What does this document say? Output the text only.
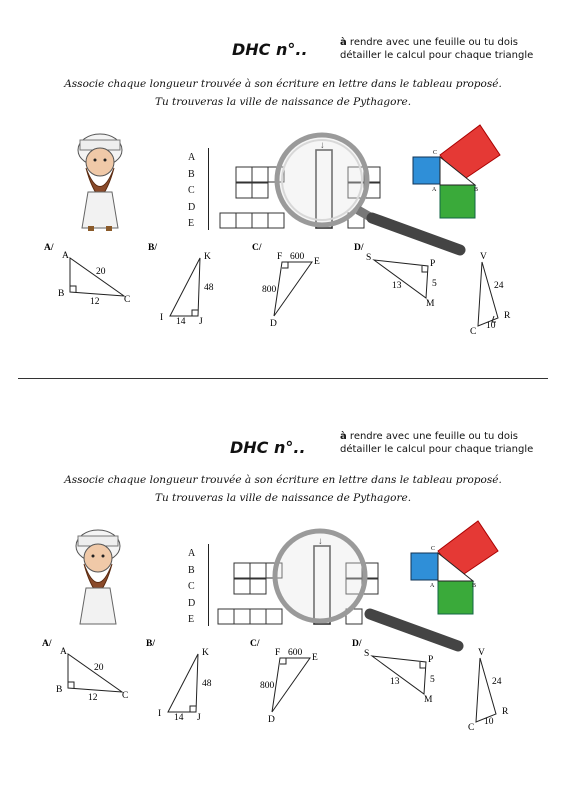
DHC n°..	à rendre avec une feuille ou tu dois
détailler le calcul pour chaque triangle
Associe chaque longueur trouvée à son écriture en lettre dans le tableau proposé.
Tu trouveras la ville de naissance de Pythagore.
A
B
C
D
E
C
A	B
A/
A
B
C
20
12
B/
K
I	J
48
14
C/
F	E
D
600
800
D/
S
P
M
13	5
V
R
C
24
10
DHC n°..
à rendre avec une feuille ou tu dois
détailler le calcul pour chaque triangle
Associe chaque longueur trouvée à son écriture en lettre dans le tableau proposé.
Tu trouveras la ville de naissance de Pythagore.
A
B
C
D
E
C
A	B
A/
A
B
C
20
12
B/
K
I	J
48
14
C/
F	E
D
600
800
D/
S
P
M
13	5
V
R
C
24
10
